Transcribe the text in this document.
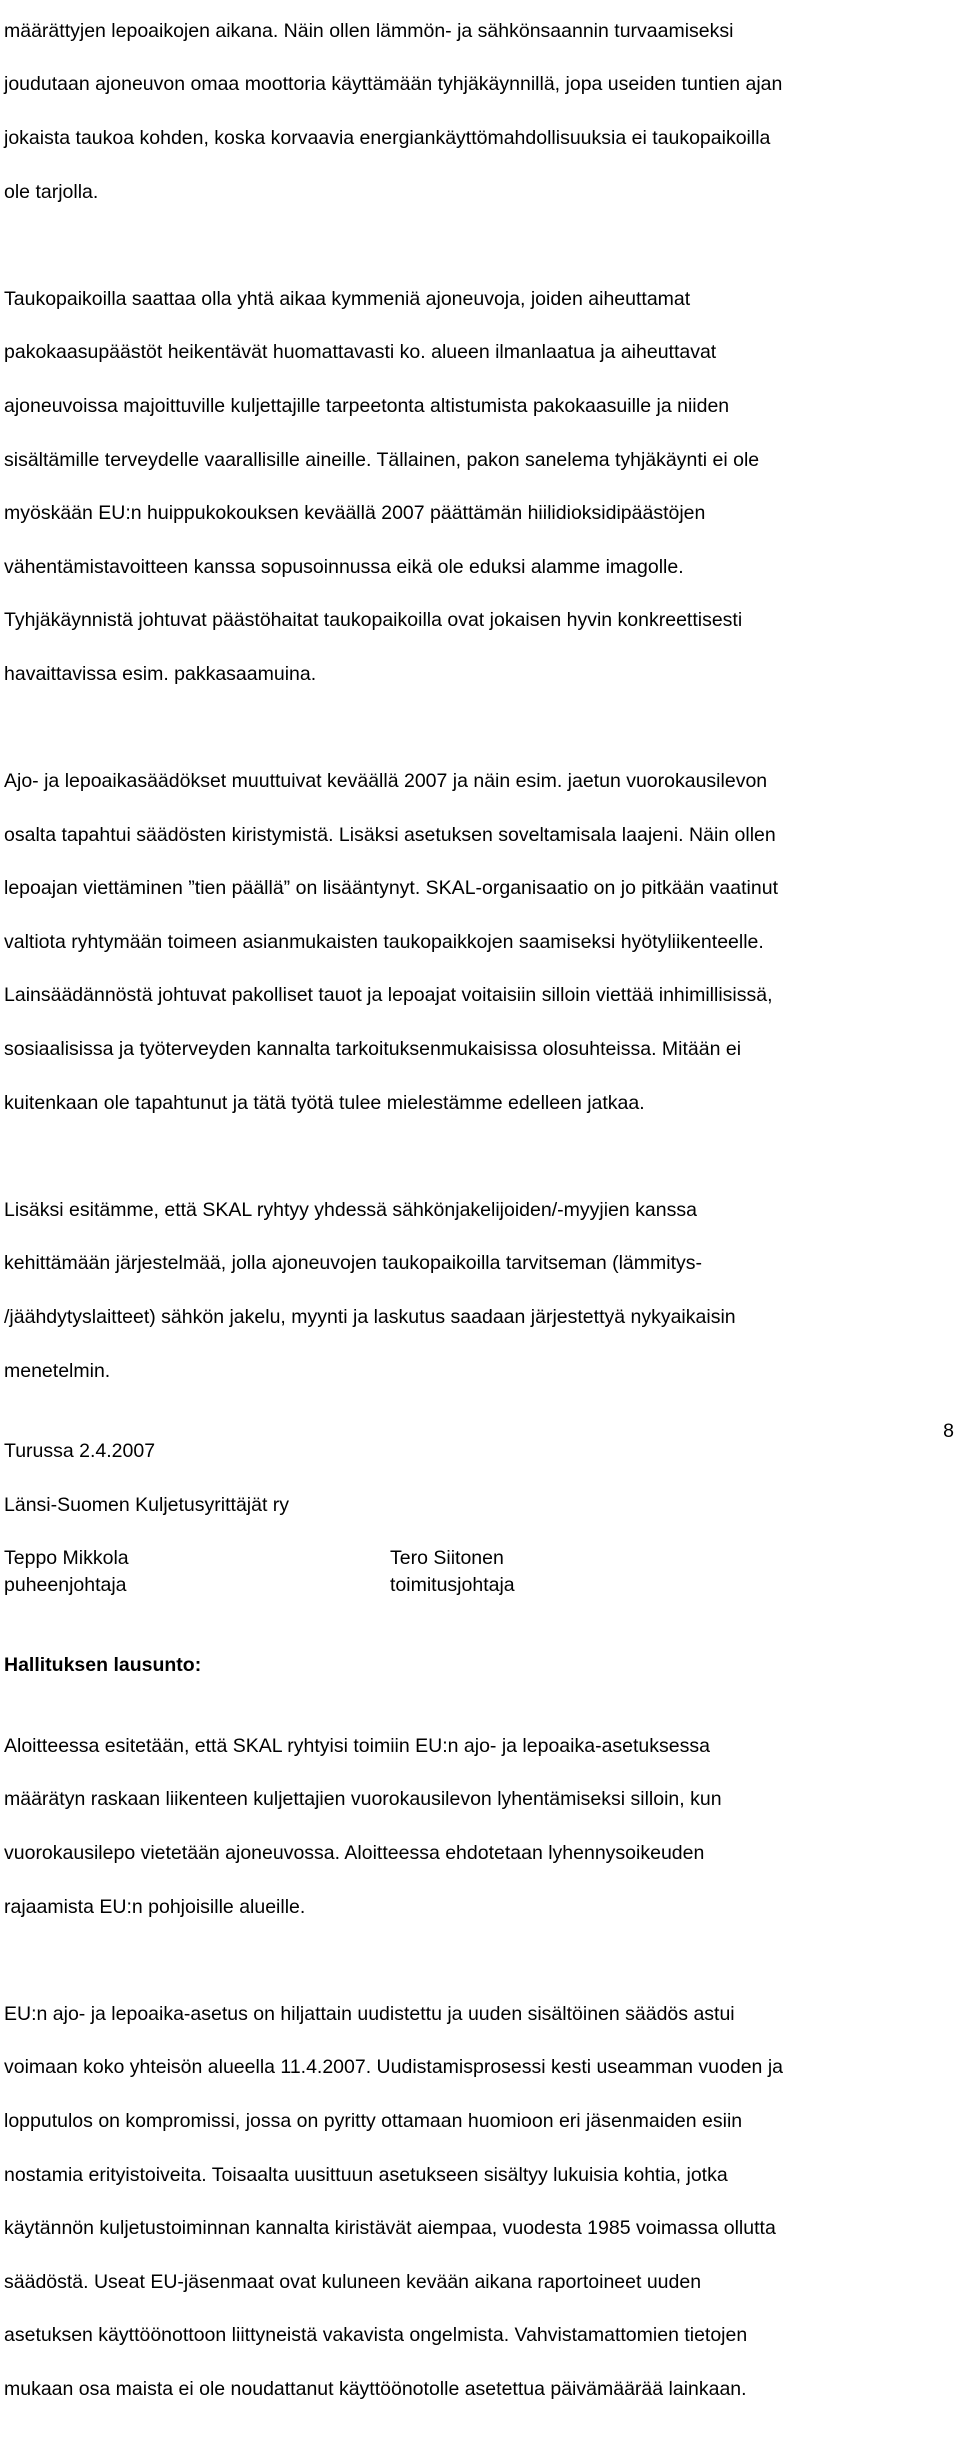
määrättyjen lepoaikojen aikana. Näin ollen lämmön- ja sähkönsaannin turvaamiseksi

joudutaan ajoneuvon omaa moottoria käyttämään tyhjäkäynnillä, jopa useiden tuntien ajan

jokaista taukoa kohden, koska korvaavia energiankäyttömahdollisuuksia ei taukopaikoilla

ole tarjolla.

Taukopaikoilla saattaa olla yhtä aikaa kymmeniä ajoneuvoja, joiden aiheuttamat

pakokaasupäästöt heikentävät huomattavasti ko. alueen ilmanlaatua ja aiheuttavat

ajoneuvoissa majoittuville kuljettajille tarpeetonta altistumista pakokaasuille ja niiden

sisältämille terveydelle vaarallisille aineille. Tällainen, pakon sanelema tyhjäkäynti ei ole

myöskään EU:n huippukokouksen keväällä 2007 päättämän hiilidioksidipäästöjen

vähentämistavoitteen kanssa sopusoinnussa eikä ole eduksi alamme imagolle.

Tyhjäkäynnistä johtuvat päästöhaitat taukopaikoilla ovat jokaisen hyvin konkreettisesti

havaittavissa esim. pakkasaamuina.

Ajo- ja lepoaikasäädökset muuttuivat keväällä 2007 ja näin esim. jaetun vuorokausilevon

osalta tapahtui säädösten kiristymistä. Lisäksi asetuksen soveltamisala laajeni. Näin ollen

lepoajan viettäminen ”tien päällä” on lisääntynyt. SKAL-organisaatio on jo pitkään vaatinut

valtiota ryhtymään toimeen asianmukaisten taukopaikkojen saamiseksi hyötyliikenteelle.

Lainsäädännöstä johtuvat pakolliset tauot ja lepoajat voitaisiin silloin viettää inhimillisissä,

sosiaalisissa ja työterveyden kannalta tarkoituksenmukaisissa olosuhteissa. Mitään ei

kuitenkaan ole tapahtunut ja tätä työtä tulee mielestämme edelleen jatkaa.

Lisäksi esitämme, että SKAL ryhtyy yhdessä sähkönjakelijoiden/-myyjien kanssa

kehittämään järjestelmää, jolla ajoneuvojen taukopaikoilla tarvitseman (lämmitys-

/jäähdytyslaitteet) sähkön jakelu, myynti ja laskutus saadaan järjestettyä nykyaikaisin

menetelmin.

Turussa 2.4.2007
Länsi-Suomen Kuljetusyrittäjät ry
Teppo Mikkola
puheenjohtaja
Tero Siitonen
toimitusjohtaja
Hallituksen lausunto:

Aloitteessa esitetään, että SKAL ryhtyisi toimiin EU:n ajo- ja lepoaika-asetuksessa

määrätyn raskaan liikenteen kuljettajien vuorokausilevon lyhentämiseksi silloin, kun

vuorokausilepo vietetään ajoneuvossa. Aloitteessa ehdotetaan lyhennysoikeuden

rajaamista EU:n pohjoisille alueille.

EU:n ajo- ja lepoaika-asetus on hiljattain uudistettu ja uuden sisältöinen säädös astui

voimaan koko yhteisön alueella 11.4.2007. Uudistamisprosessi kesti useamman vuoden ja

lopputulos on kompromissi, jossa on pyritty ottamaan huomioon eri jäsenmaiden esiin

nostamia erityistoiveita. Toisaalta uusittuun asetukseen sisältyy lukuisia kohtia, jotka

käytännön kuljetustoiminnan kannalta kiristävät aiempaa, vuodesta 1985 voimassa ollutta

säädöstä. Useat EU-jäsenmaat ovat kuluneen kevään aikana raportoineet uuden

asetuksen käyttöönottoon liittyneistä vakavista ongelmista. Vahvistamattomien tietojen

mukaan osa maista ei ole noudattanut käyttöönotolle asetettua päivämäärää lainkaan.

8
